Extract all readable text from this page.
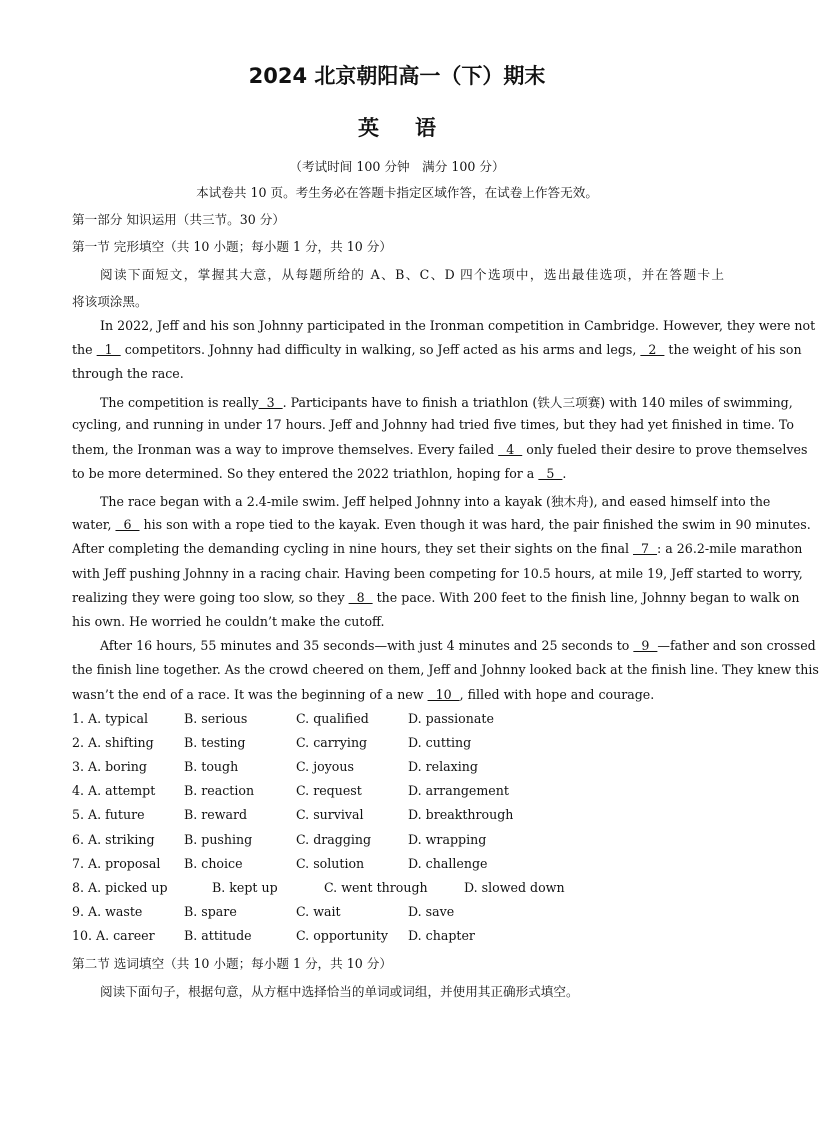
2024 北京朝阳高一（下）期末
英语
（考试时间 100 分钟　满分 100 分）
本试卷共 10 页。考生务必在答题卡指定区域作答，在试卷上作答无效。
第一部分 知识运用（共三节。30 分）
第一节 完形填空（共 10 小题；每小题 1 分，共 10 分）
阅读下面短文，掌握其大意，从每题所给的 A、B、C、D 四个选项中，选出最佳选项，并在答题卡上
将该项涂黑。
In 2022, Jeff and his son Johnny participated in the Ironman competition in Cambridge. However, they were not
the   1   competitors. Johnny had difficulty in walking, so Jeff acted as his arms and legs,   2   the weight of his son
through the race.
The competition is really  3  . Participants have to finish a triathlon (铁人三项赛) with 140 miles of swimming,
cycling, and running in under 17 hours. Jeff and Johnny had tried five times, but they had yet finished in time. To
them, the Ironman was a way to improve themselves. Every failed   4   only fueled their desire to prove themselves
to be more determined. So they entered the 2022 triathlon, hoping for a   5  .
The race began with a 2.4-mile swim. Jeff helped Johnny into a kayak (独木舟), and eased himself into the
water,   6   his son with a rope tied to the kayak. Even though it was hard, the pair finished the swim in 90 minutes.
After completing the demanding cycling in nine hours, they set their sights on the final   7  : a 26.2-mile marathon
with Jeff pushing Johnny in a racing chair. Having been competing for 10.5 hours, at mile 19, Jeff started to worry,
realizing they were going too slow, so they   8   the pace. With 200 feet to the finish line, Johnny began to walk on
his own. He worried he couldn’t make the cutoff.
After 16 hours, 55 minutes and 35 seconds—with just 4 minutes and 25 seconds to   9  —father and son crossed
the finish line together. As the crowd cheered on them, Jeff and Johnny looked back at the finish line. They knew this
wasn’t the end of a race. It was the beginning of a new   10  , filled with hope and courage.
1. A. typical	B. serious	C. qualified	D. passionate
2. A. shifting B. testing	C. carrying	D. cutting
3. A. boring	B. tough	C. joyous	D. relaxing
4. A. attempt B. reaction	C. request	D. arrangement
5. A. future	B. reward	C. survival	D. breakthrough
6. A. striking B. pushing	C. dragging	D. wrapping
7. A. proposal B. choice	C. solution	D. challenge
8. A. picked up	B. kept up	C. went through	D. slowed down
9. A. waste	B. spare	C. wait	D. save
10. A. career B. attitude	C. opportunity D. chapter
第二节 选词填空（共 10 小题；每小题 1 分，共 10 分）
阅读下面句子，根据句意，从方框中选择恰当的单词或词组，并使用其正确形式填空。
